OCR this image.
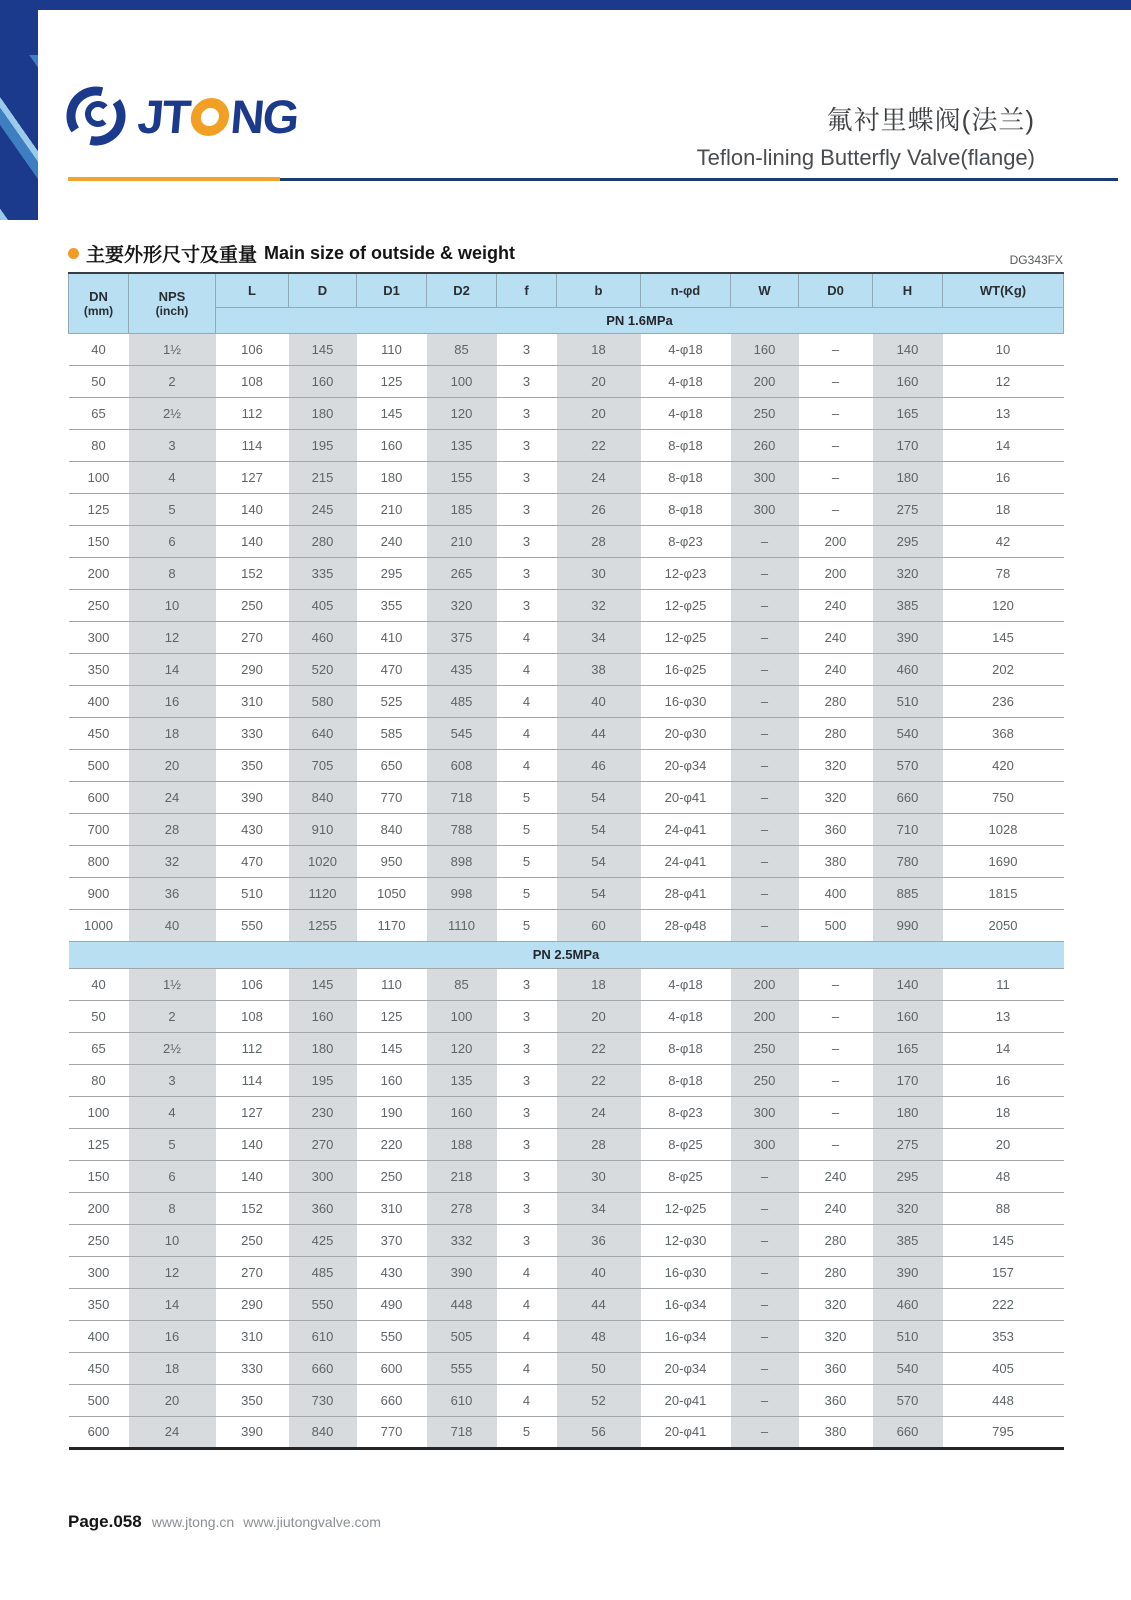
JT NG	氟衬里蝶阀(法兰)
Teflon-lining Butterfly Valve(flange)
主要外形尺寸及重量 Main size of outside & weight	DG343FX
DN
(mm)

NPS
(inch)
	L	D	D1	D2	f	b	n-φd	W	D0	H	WT(Kg)
		PN 1.6MPa										
40	1½	106	145	110	85	3	18	4-φ18	160	–	140	10
50	2	108	160	125	100	3	20	4-φ18	200	–	160	12
65	2½	112	180	145	120	3	20	4-φ18	250	–	165	13
80	3	114	195	160	135	3	22	8-φ18	260	–	170	14
100	4	127	215	180	155	3	24	8-φ18	300	–	180	16
125	5	140	245	210	185	3	26	8-φ18	300	–	275	18
150	6	140	280	240	210	3	28	8-φ23	–	200	295	42
200	8	152	335	295	265	3	30	12-φ23	–	200	320	78
250	10	250	405	355	320	3	32	12-φ25	–	240	385	120
300	12	270	460	410	375	4	34	12-φ25	–	240	390	145
350	14	290	520	470	435	4	38	16-φ25	–	240	460	202
400	16	310	580	525	485	4	40	16-φ30	–	280	510	236
450	18	330	640	585	545	4	44	20-φ30	–	280	540	368
500	20	350	705	650	608	4	46	20-φ34	–	320	570	420
600	24	390	840	770	718	5	54	20-φ41	–	320	660	750
700	28	430	910	840	788	5	54	24-φ41	–	360	710	1028
800	32	470	1020	950	898	5	54	24-φ41	–	380	780	1690
900	36	510	1120	1050	998	5	54	28-φ41	–	400	885	1815
1000	40	550	1255	1170	1110	5	60	28-φ48	–	500	990	2050
PN 2.5MPa												
40	1½	106	145	110	85	3	18	4-φ18	200	–	140	11
50	2	108	160	125	100	3	20	4-φ18	200	–	160	13
65	2½	112	180	145	120	3	22	8-φ18	250	–	165	14
80	3	114	195	160	135	3	22	8-φ18	250	–	170	16
100	4	127	230	190	160	3	24	8-φ23	300	–	180	18
125	5	140	270	220	188	3	28	8-φ25	300	–	275	20
150	6	140	300	250	218	3	30	8-φ25	–	240	295	48
200	8	152	360	310	278	3	34	12-φ25	–	240	320	88
250	10	250	425	370	332	3	36	12-φ30	–	280	385	145
300	12	270	485	430	390	4	40	16-φ30	–	280	390	157
350	14	290	550	490	448	4	44	16-φ34	–	320	460	222
400	16	310	610	550	505	4	48	16-φ34	–	320	510	353
450	18	330	660	600	555	4	50	20-φ34	–	360	540	405
500	20	350	730	660	610	4	52	20-φ41	–	360	570	448
600	24	390	840	770	718	5	56	20-φ41	–	380	660	795
Page.058 www.jtong.cn www.jiutongvalve.com
